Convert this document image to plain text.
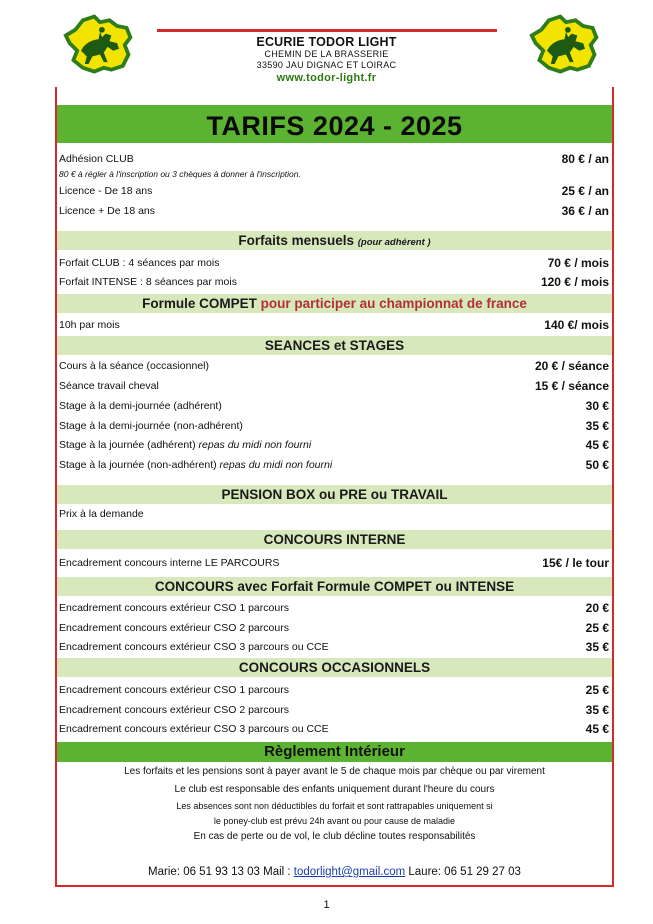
ECURIE TODOR LIGHT
CHEMIN DE LA BRASSERIE
33590 JAU DIGNAC ET LOIRAC
www.todor-light.fr
TARIFS 2024 - 2025
Adhésion CLUB	80 € / an
80 € à régler à l'inscription ou 3 chèques à donner à l'inscription.
Licence - De 18 ans	25 € / an
Licence + De 18 ans	36 € / an
Forfaits mensuels (pour adhérent )
Forfait CLUB : 4 séances par mois	70 € / mois
Forfait INTENSE : 8 séances par mois	120 € / mois
Formule COMPET pour participer au championnat de france
10h par mois	140 €/ mois
SEANCES et STAGES
Cours à la séance (occasionnel)	20 € / séance
Séance travail cheval	15 € / séance
Stage à la demi-journée (adhérent)	30 €
Stage à la demi-journée (non-adhérent)	35 €
Stage à la journée (adhérent) repas du midi non fourni	45 €
Stage à la journée (non-adhérent) repas du midi non fourni	50 €
PENSION BOX ou PRE ou TRAVAIL
Prix à la demande
CONCOURS INTERNE
Encadrement concours interne LE PARCOURS	15€ / le tour
CONCOURS avec Forfait Formule COMPET ou INTENSE
Encadrement concours extérieur CSO 1 parcours	20 €
Encadrement concours extérieur CSO 2 parcours	25 €
Encadrement concours extérieur CSO 3 parcours ou CCE	35 €
CONCOURS OCCASIONNELS
Encadrement concours extérieur CSO 1 parcours	25 €
Encadrement concours extérieur CSO 2 parcours	35 €
Encadrement concours extérieur CSO 3 parcours ou CCE	45 €
Règlement Intérieur
Les forfaits et les pensions sont à payer avant le 5 de chaque mois par chèque ou par virement
Le club est responsable des enfants uniquement durant l'heure du cours
Les absences sont non déductibles du forfait et sont rattrapables uniquement si
le poney-club est prévu 24h avant ou pour cause de maladie
En cas de perte ou de vol, le club décline toutes responsabilités
Marie: 06 51 93 13 03 Mail : todorlight@gmail.com Laure: 06 51 29 27 03
1
